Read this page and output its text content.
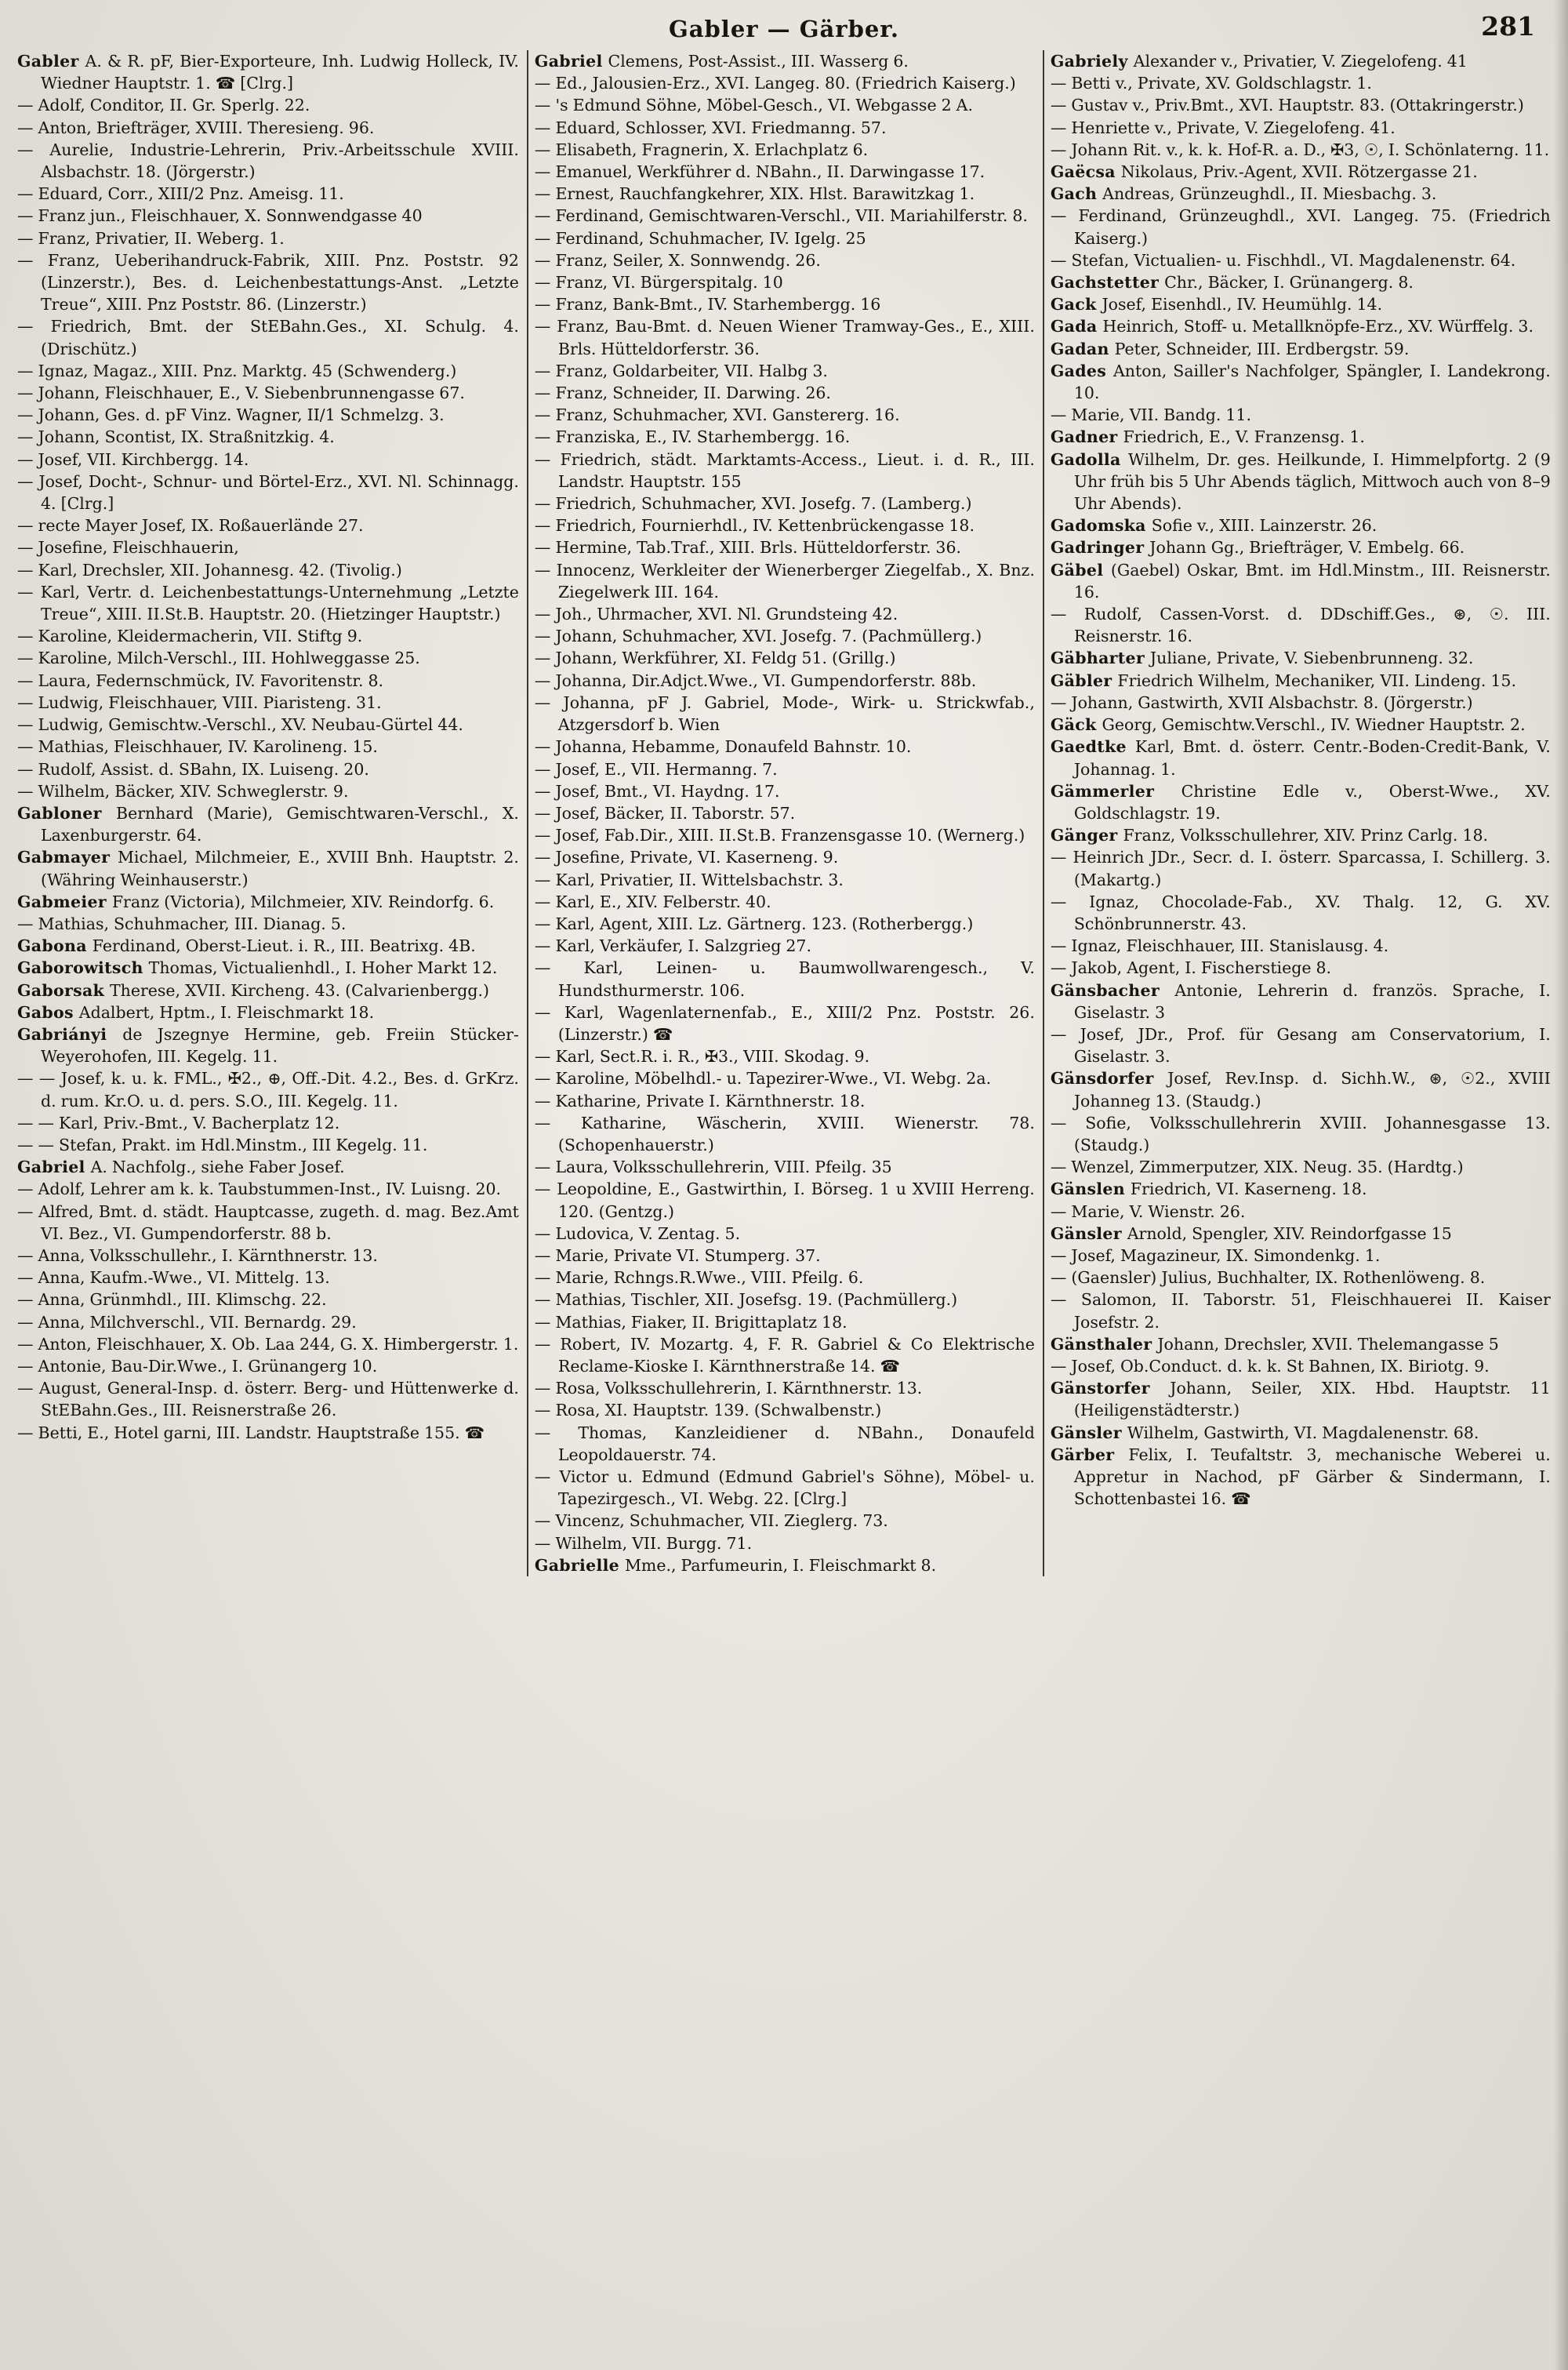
Gabler — Gärber.	281

Gabler A. & R. pF, Bier-Exporteure, Inh. Ludwig Holleck, IV. Wiedner Hauptstr. 1. ☎ [Clrg.]

— Adolf, Conditor, II. Gr. Sperlg. 22.

— Anton, Briefträger, XVIII. Theresieng. 96.

— Aurelie, Industrie-Lehrerin, Priv.-Arbeitsschule XVIII. Alsbachstr. 18. (Jörgerstr.)

— Eduard, Corr., XIII/2 Pnz. Ameisg. 11.

— Franz jun., Fleischhauer, X. Sonnwendgasse 40

— Franz, Privatier, II. Weberg. 1.

— Franz, Ueberihandruck-Fabrik, XIII. Pnz. Poststr. 92 (Linzerstr.), Bes. d. Leichenbestattungs-Anst. „Letzte Treue“, XIII. Pnz Poststr. 86. (Linzerstr.)

— Friedrich, Bmt. der StEBahn.Ges., XI. Schulg. 4. (Drischütz.)

— Ignaz, Magaz., XIII. Pnz. Marktg. 45 (Schwenderg.)

— Johann, Fleischhauer, E., V. Siebenbrunnengasse 67.

— Johann, Ges. d. pF Vinz. Wagner, II/1 Schmelzg. 3.

— Johann, Scontist, IX. Straßnitzkig. 4.

— Josef, VII. Kirchbergg. 14.

— Josef, Docht-, Schnur- und Börtel-Erz., XVI. Nl. Schinnagg. 4. [Clrg.]

— recte Mayer Josef, IX. Roßauerlände 27.

— Josefine, Fleischhauerin,

— Karl, Drechsler, XII. Johannesg. 42. (Tivolig.)

— Karl, Vertr. d. Leichenbestattungs-Unternehmung „Letzte Treue“, XIII. II.St.B. Hauptstr. 20. (Hietzinger Hauptstr.)

— Karoline, Kleidermacherin, VII. Stiftg 9.

— Karoline, Milch-Verschl., III. Hohlweggasse 25.

— Laura, Federnschmück, IV. Favoritenstr. 8.

— Ludwig, Fleischhauer, VIII. Piaristeng. 31.

— Ludwig, Gemischtw.-Verschl., XV. Neubau-Gürtel 44.

— Mathias, Fleischhauer, IV. Karolineng. 15.

— Rudolf, Assist. d. SBahn, IX. Luiseng. 20.

— Wilhelm, Bäcker, XIV. Schweglerstr. 9.

Gabloner Bernhard (Marie), Gemischtwaren-Verschl., X. Laxenburgerstr. 64.

Gabmayer Michael, Milchmeier, E., XVIII Bnh. Hauptstr. 2. (Währing Weinhauserstr.)

Gabmeier Franz (Victoria), Milchmeier, XIV. Reindorfg. 6.

— Mathias, Schuhmacher, III. Dianag. 5.

Gabona Ferdinand, Oberst-Lieut. i. R., III. Beatrixg. 4B.

Gaborowitsch Thomas, Victualienhdl., I. Hoher Markt 12.

Gaborsak Therese, XVII. Kircheng. 43. (Calvarienbergg.)

Gabos Adalbert, Hptm., I. Fleischmarkt 18.

Gabriányi de Jszegnye Hermine, geb. Freiin Stücker-Weyerohofen, III. Kegelg. 11.

— — Josef, k. u. k. FML., ✠2., ⊕, Off.-Dit. 4.2., Bes. d. GrKrz. d. rum. Kr.O. u. d. pers. S.O., III. Kegelg. 11.

— — Karl, Priv.-Bmt., V. Bacherplatz 12.

— — Stefan, Prakt. im Hdl.Minstm., III Kegelg. 11.

Gabriel A. Nachfolg., siehe Faber Josef.

— Adolf, Lehrer am k. k. Taubstummen-Inst., IV. Luisng. 20.

— Alfred, Bmt. d. städt. Hauptcasse, zugeth. d. mag. Bez.Amt VI. Bez., VI. Gumpendorferstr. 88 b.

— Anna, Volksschullehr., I. Kärnthnerstr. 13.

— Anna, Kaufm.-Wwe., VI. Mittelg. 13.

— Anna, Grünmhdl., III. Klimschg. 22.

— Anna, Milchverschl., VII. Bernardg. 29.

— Anton, Fleischhauer, X. Ob. Laa 244, G. X. Himbergerstr. 1.

— Antonie, Bau-Dir.Wwe., I. Grünangerg 10.

— August, General-Insp. d. österr. Berg- und Hüttenwerke d. StEBahn.Ges., III. Reisnerstraße 26.

— Betti, E., Hotel garni, III. Landstr. Hauptstraße 155. ☎

Gabriel Clemens, Post-Assist., III. Wasserg 6.

— Ed., Jalousien-Erz., XVI. Langeg. 80. (Friedrich Kaiserg.)

— 's Edmund Söhne, Möbel-Gesch., VI. Webgasse 2 A.

— Eduard, Schlosser, XVI. Friedmanng. 57.

— Elisabeth, Fragnerin, X. Erlachplatz 6.

— Emanuel, Werkführer d. NBahn., II. Darwingasse 17.

— Ernest, Rauchfangkehrer, XIX. Hlst. Barawitzkag 1.

— Ferdinand, Gemischtwaren-Verschl., VII. Mariahilferstr. 8.

— Ferdinand, Schuhmacher, IV. Igelg. 25

— Franz, Seiler, X. Sonnwendg. 26.

— Franz, VI. Bürgerspitalg. 10

— Franz, Bank-Bmt., IV. Starhembergg. 16

— Franz, Bau-Bmt. d. Neuen Wiener Tramway-Ges., E., XIII. Brls. Hütteldorferstr. 36.

— Franz, Goldarbeiter, VII. Halbg 3.

— Franz, Schneider, II. Darwing. 26.

— Franz, Schuhmacher, XVI. Ganstererg. 16.

— Franziska, E., IV. Starhembergg. 16.

— Friedrich, städt. Marktamts-Access., Lieut. i. d. R., III. Landstr. Hauptstr. 155

— Friedrich, Schuhmacher, XVI. Josefg. 7. (Lamberg.)

— Friedrich, Fournierhdl., IV. Kettenbrückengasse 18.

— Hermine, Tab.Traf., XIII. Brls. Hütteldorferstr. 36.

— Innocenz, Werkleiter der Wienerberger Ziegelfab., X. Bnz. Ziegelwerk III. 164.

— Joh., Uhrmacher, XVI. Nl. Grundsteing 42.

— Johann, Schuhmacher, XVI. Josefg. 7. (Pachmüllerg.)

— Johann, Werkführer, XI. Feldg 51. (Grillg.)

— Johanna, Dir.Adjct.Wwe., VI. Gumpendorferstr. 88b.

— Johanna, pF J. Gabriel, Mode-, Wirk- u. Strickwfab., Atzgersdorf b. Wien

— Johanna, Hebamme, Donaufeld Bahnstr. 10.

— Josef, E., VII. Hermanng. 7.

— Josef, Bmt., VI. Haydng. 17.

— Josef, Bäcker, II. Taborstr. 57.

— Josef, Fab.Dir., XIII. II.St.B. Franzensgasse 10. (Wernerg.)

— Josefine, Private, VI. Kaserneng. 9.

— Karl, Privatier, II. Wittelsbachstr. 3.

— Karl, E., XIV. Felberstr. 40.

— Karl, Agent, XIII. Lz. Gärtnerg. 123. (Rotherbergg.)

— Karl, Verkäufer, I. Salzgrieg 27.

— Karl, Leinen- u. Baumwollwarengesch., V. Hundsthurmerstr. 106.

— Karl, Wagenlaternenfab., E., XIII/2 Pnz. Poststr. 26. (Linzerstr.) ☎

— Karl, Sect.R. i. R., ✠3., VIII. Skodag. 9.

— Karoline, Möbelhdl.- u. Tapezirer-Wwe., VI. Webg. 2a.

— Katharine, Private I. Kärnthnerstr. 18.

— Katharine, Wäscherin, XVIII. Wienerstr. 78. (Schopenhauerstr.)

— Laura, Volksschullehrerin, VIII. Pfeilg. 35

— Leopoldine, E., Gastwirthin, I. Börseg. 1 u XVIII Herreng. 120. (Gentzg.)

— Ludovica, V. Zentag. 5.

— Marie, Private VI. Stumperg. 37.

— Marie, Rchngs.R.Wwe., VIII. Pfeilg. 6.

— Mathias, Tischler, XII. Josefsg. 19. (Pachmüllerg.)

— Mathias, Fiaker, II. Brigittaplatz 18.

— Robert, IV. Mozartg. 4, F. R. Gabriel & Co Elektrische Reclame-Kioske I. Kärnthnerstraße 14. ☎

— Rosa, Volksschullehrerin, I. Kärnthnerstr. 13.

— Rosa, XI. Hauptstr. 139. (Schwalbenstr.)

— Thomas, Kanzleidiener d. NBahn., Donaufeld Leopoldauerstr. 74.

— Victor u. Edmund (Edmund Gabriel's Söhne), Möbel- u. Tapezirgesch., VI. Webg. 22. [Clrg.]

— Vincenz, Schuhmacher, VII. Zieglerg. 73.

— Wilhelm, VII. Burgg. 71.

Gabrielle Mme., Parfumeurin, I. Fleischmarkt 8.

Gabriely Alexander v., Privatier, V. Ziegelofeng. 41

— Betti v., Private, XV. Goldschlagstr. 1.

— Gustav v., Priv.Bmt., XVI. Hauptstr. 83. (Ottakringerstr.)

— Henriette v., Private, V. Ziegelofeng. 41.

— Johann Rit. v., k. k. Hof-R. a. D., ✠3, ☉, I. Schönlaterng. 11.

Gaëcsa Nikolaus, Priv.-Agent, XVII. Rötzergasse 21.

Gach Andreas, Grünzeughdl., II. Miesbachg. 3.

— Ferdinand, Grünzeughdl., XVI. Langeg. 75. (Friedrich Kaiserg.)

— Stefan, Victualien- u. Fischhdl., VI. Magdalenenstr. 64.

Gachstetter Chr., Bäcker, I. Grünangerg. 8.

Gack Josef, Eisenhdl., IV. Heumühlg. 14.

Gada Heinrich, Stoff- u. Metallknöpfe-Erz., XV. Würffelg. 3.

Gadan Peter, Schneider, III. Erdbergstr. 59.

Gades Anton, Sailler's Nachfolger, Spängler, I. Landekrong. 10.

— Marie, VII. Bandg. 11.

Gadner Friedrich, E., V. Franzensg. 1.

Gadolla Wilhelm, Dr. ges. Heilkunde, I. Himmelpfortg. 2 (9 Uhr früh bis 5 Uhr Abends täglich, Mittwoch auch von 8–9 Uhr Abends).

Gadomska Sofie v., XIII. Lainzerstr. 26.

Gadringer Johann Gg., Briefträger, V. Embelg. 66.

Gäbel (Gaebel) Oskar, Bmt. im Hdl.Minstm., III. Reisnerstr. 16.

— Rudolf, Cassen-Vorst. d. DDschiff.Ges., ⊛, ☉. III. Reisnerstr. 16.

Gäbharter Juliane, Private, V. Siebenbrunneng. 32.

Gäbler Friedrich Wilhelm, Mechaniker, VII. Lindeng. 15.

— Johann, Gastwirth, XVII Alsbachstr. 8. (Jörgerstr.)

Gäck Georg, Gemischtw.Verschl., IV. Wiedner Hauptstr. 2.

Gaedtke Karl, Bmt. d. österr. Centr.-Boden-Credit-Bank, V. Johannag. 1.

Gämmerler Christine Edle v., Oberst-Wwe., XV. Goldschlagstr. 19.

Gänger Franz, Volksschullehrer, XIV. Prinz Carlg. 18.

— Heinrich JDr., Secr. d. I. österr. Sparcassa, I. Schillerg. 3. (Makartg.)

— Ignaz, Chocolade-Fab., XV. Thalg. 12, G. XV. Schönbrunnerstr. 43.

— Ignaz, Fleischhauer, III. Stanislausg. 4.

— Jakob, Agent, I. Fischerstiege 8.

Gänsbacher Antonie, Lehrerin d. französ. Sprache, I. Giselastr. 3

— Josef, JDr., Prof. für Gesang am Conservatorium, I. Giselastr. 3.

Gänsdorfer Josef, Rev.Insp. d. Sichh.W., ⊛, ☉2., XVIII Johanneg 13. (Staudg.)

— Sofie, Volksschullehrerin XVIII. Johannesgasse 13. (Staudg.)

— Wenzel, Zimmerputzer, XIX. Neug. 35. (Hardtg.)

Gänslen Friedrich, VI. Kaserneng. 18.

— Marie, V. Wienstr. 26.

Gänsler Arnold, Spengler, XIV. Reindorfgasse 15

— Josef, Magazineur, IX. Simondenkg. 1.

— (Gaensler) Julius, Buchhalter, IX. Rothenlöweng. 8.

— Salomon, II. Taborstr. 51, Fleischhauerei II. Kaiser Josefstr. 2.

Gänsthaler Johann, Drechsler, XVII. Thelemangasse 5

— Josef, Ob.Conduct. d. k. k. St Bahnen, IX. Biriotg. 9.

Gänstorfer Johann, Seiler, XIX. Hbd. Hauptstr. 11 (Heiligenstädterstr.)

Gänsler Wilhelm, Gastwirth, VI. Magdalenenstr. 68.

Gärber Felix, I. Teufaltstr. 3, mechanische Weberei u. Appretur in Nachod, pF Gärber & Sindermann, I. Schottenbastei 16. ☎
